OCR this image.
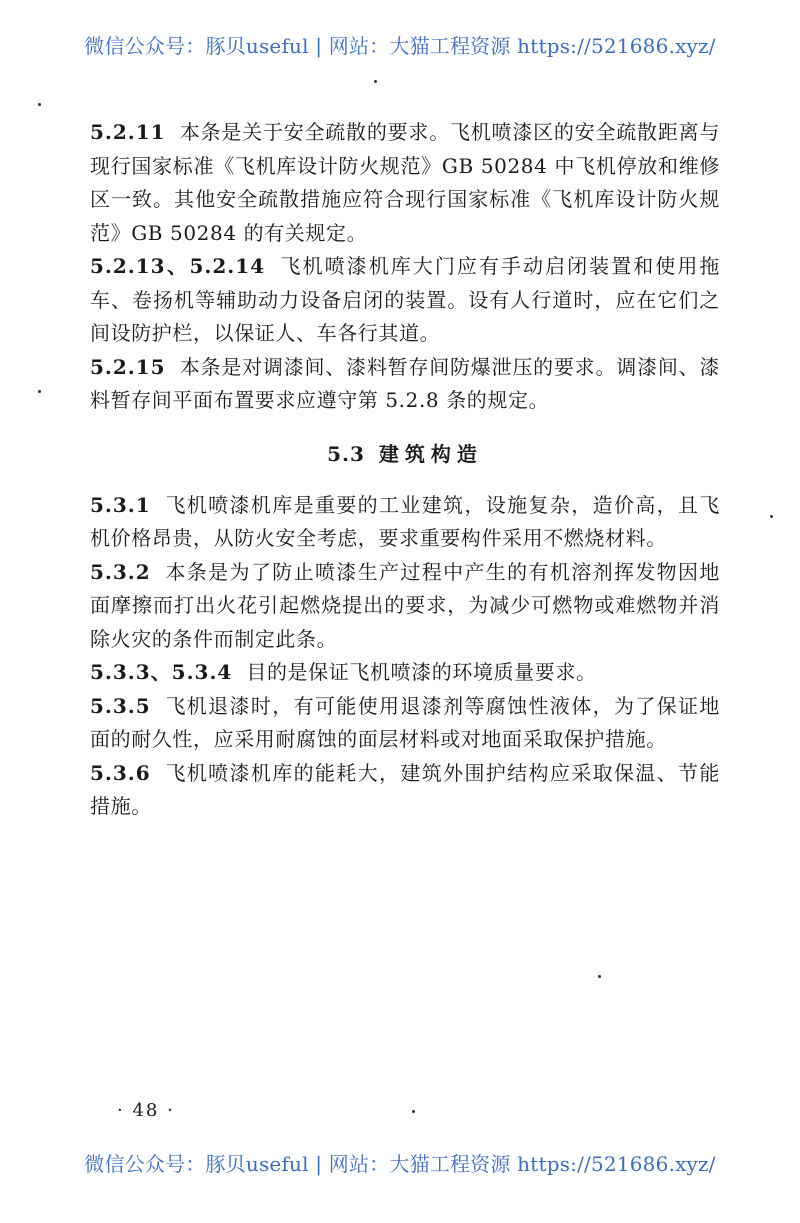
微信公众号：豚贝useful | 网站：大猫工程资源 https://521686.xyz/

5.2.11 本条是关于安全疏散的要求。飞机喷漆区的安全疏散距离与现行国家标准《飞机库设计防火规范》GB 50284 中飞机停放和维修区一致。其他安全疏散措施应符合现行国家标准《飞机库设计防火规范》GB 50284 的有关规定。

5.2.13、5.2.14 飞机喷漆机库大门应有手动启闭装置和使用拖车、卷扬机等辅助动力设备启闭的装置。设有人行道时，应在它们之间设防护栏，以保证人、车各行其道。

5.2.15 本条是对调漆间、漆料暂存间防爆泄压的要求。调漆间、漆料暂存间平面布置要求应遵守第 5.2.8 条的规定。

5.3 建筑构造

5.3.1 飞机喷漆机库是重要的工业建筑，设施复杂，造价高，且飞机价格昂贵，从防火安全考虑，要求重要构件采用不燃烧材料。

5.3.2 本条是为了防止喷漆生产过程中产生的有机溶剂挥发物因地面摩擦而打出火花引起燃烧提出的要求，为减少可燃物或难燃物并消除火灾的条件而制定此条。

5.3.3、5.3.4 目的是保证飞机喷漆的环境质量要求。

5.3.5 飞机退漆时，有可能使用退漆剂等腐蚀性液体，为了保证地面的耐久性，应采用耐腐蚀的面层材料或对地面采取保护措施。

5.3.6 飞机喷漆机库的能耗大，建筑外围护结构应采取保温、节能措施。

· 48 ·
微信公众号：豚贝useful | 网站：大猫工程资源 https://521686.xyz/
